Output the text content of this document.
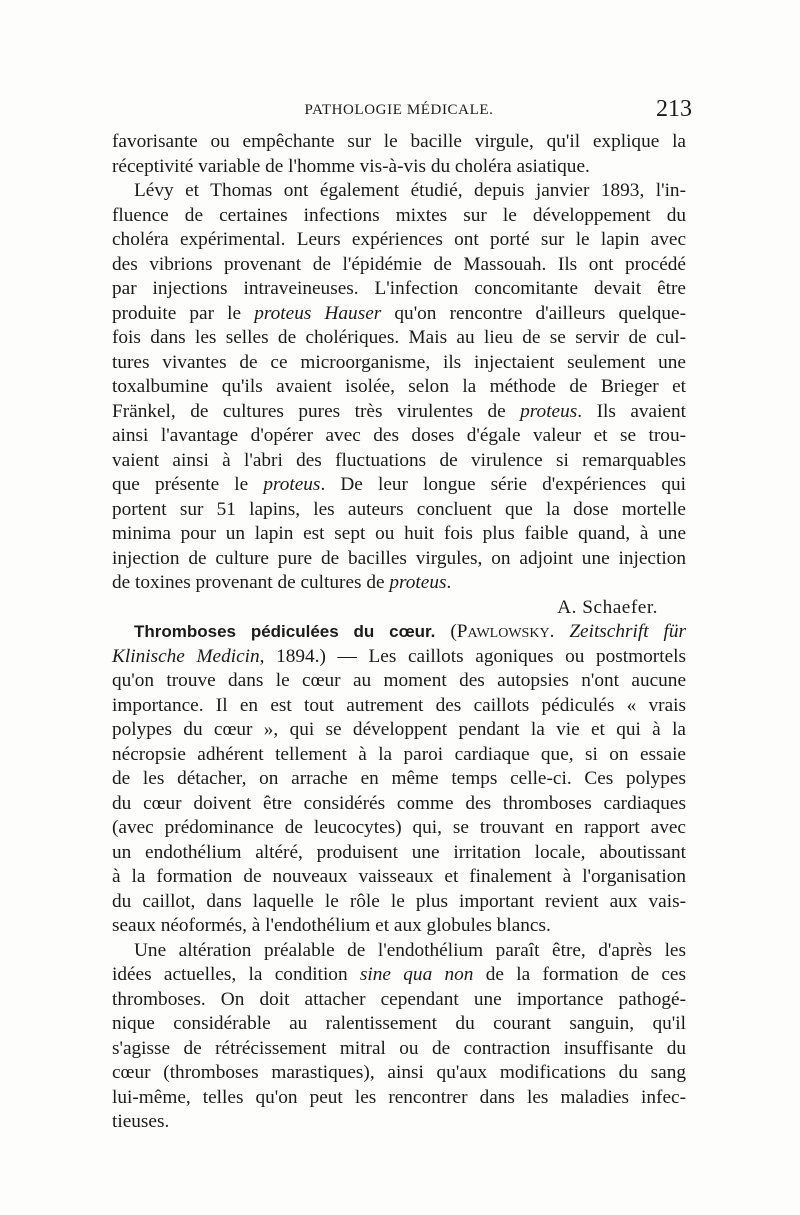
PATHOLOGIE MÉDICALE.	213
favorisante ou empêchante sur le bacille virgule, qu'il explique la
réceptivité variable de l'homme vis-à-vis du choléra asiatique.
Lévy et Thomas ont également étudié, depuis janvier 1893, l'in-
fluence de certaines infections mixtes sur le développement du
choléra expérimental. Leurs expériences ont porté sur le lapin avec
des vibrions provenant de l'épidémie de Massouah. Ils ont procédé
par injections intraveineuses. L'infection concomitante devait être
produite par le proteus Hauser qu'on rencontre d'ailleurs quelque-
fois dans les selles de cholériques. Mais au lieu de se servir de cul-
tures vivantes de ce microorganisme, ils injectaient seulement une
toxalbumine qu'ils avaient isolée, selon la méthode de Brieger et
Fränkel, de cultures pures très virulentes de proteus. Ils avaient
ainsi l'avantage d'opérer avec des doses d'égale valeur et se trou-
vaient ainsi à l'abri des fluctuations de virulence si remarquables
que présente le proteus. De leur longue série d'expériences qui
portent sur 51 lapins, les auteurs concluent que la dose mortelle
minima pour un lapin est sept ou huit fois plus faible quand, à une
injection de culture pure de bacilles virgules, on adjoint une injection
de toxines provenant de cultures de proteus.
A. Schaefer.
Thromboses pédiculées du cœur. (Pawlowsky. Zeitschrift für
Klinische Medicin, 1894.) — Les caillots agoniques ou postmortels
qu'on trouve dans le cœur au moment des autopsies n'ont aucune
importance. Il en est tout autrement des caillots pédiculés « vrais
polypes du cœur », qui se développent pendant la vie et qui à la
nécropsie adhérent tellement à la paroi cardiaque que, si on essaie
de les détacher, on arrache en même temps celle-ci. Ces polypes
du cœur doivent être considérés comme des thromboses cardiaques
(avec prédominance de leucocytes) qui, se trouvant en rapport avec
un endothélium altéré, produisent une irritation locale, aboutissant
à la formation de nouveaux vaisseaux et finalement à l'organisation
du caillot, dans laquelle le rôle le plus important revient aux vais-
seaux néoformés, à l'endothélium et aux globules blancs.
Une altération préalable de l'endothélium paraît être, d'après les
idées actuelles, la condition sine qua non de la formation de ces
thromboses. On doit attacher cependant une importance pathogé-
nique considérable au ralentissement du courant sanguin, qu'il
s'agisse de rétrécissement mitral ou de contraction insuffisante du
cœur (thromboses marastiques), ainsi qu'aux modifications du sang
lui-même, telles qu'on peut les rencontrer dans les maladies infec-
tieuses.
